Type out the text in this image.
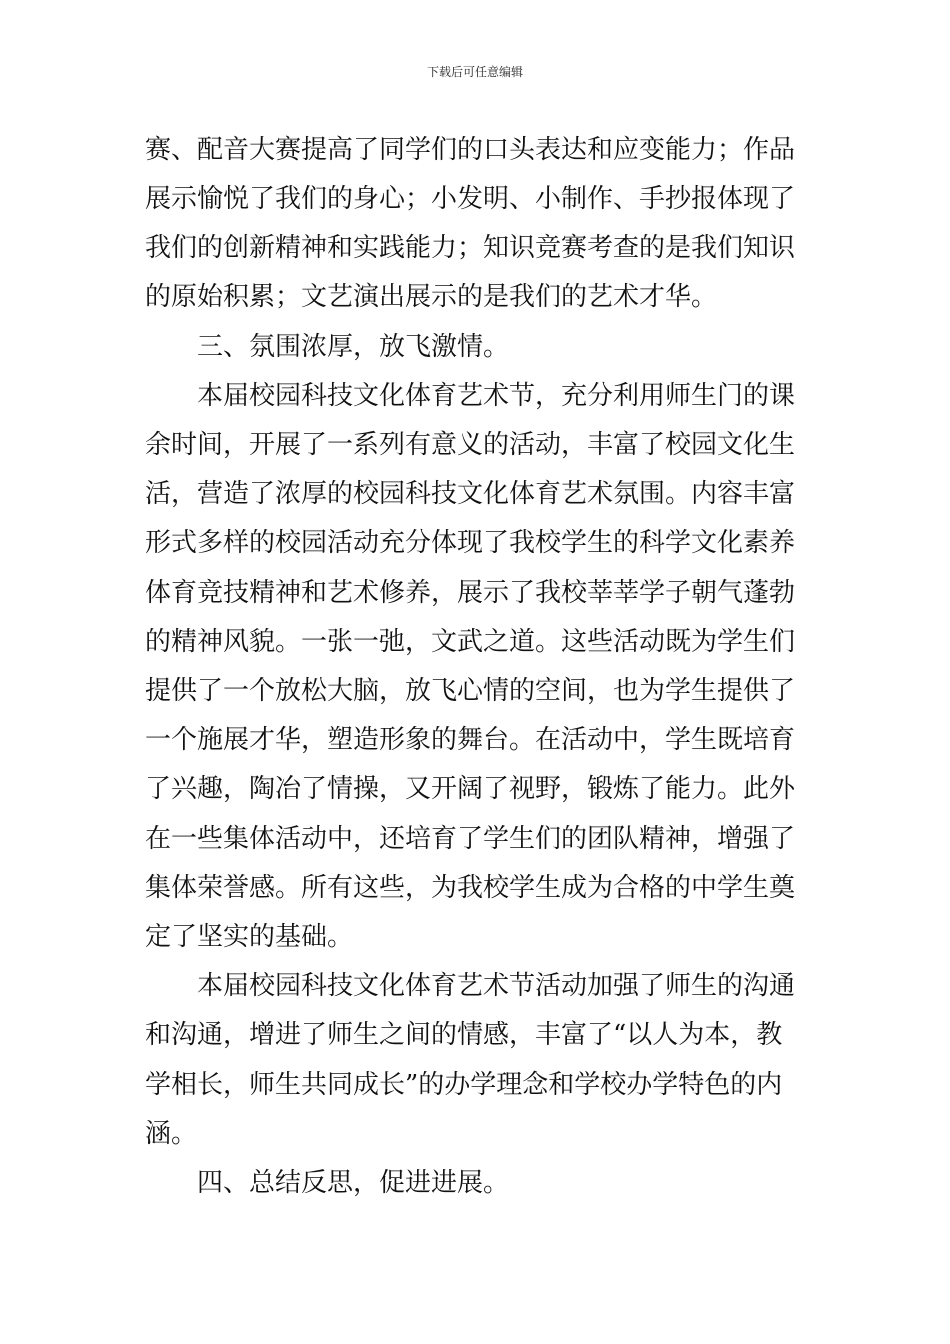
下载后可任意编辑
赛、配音大赛提高了同学们的口头表达和应变能力；作品
展示愉悦了我们的身心；小发明、小制作、手抄报体现了
我们的创新精神和实践能力；知识竞赛考查的是我们知识
的原始积累；文艺演出展示的是我们的艺术才华。
三、氛围浓厚，放飞激情。
本届校园科技文化体育艺术节，充分利用师生门的课
余时间，开展了一系列有意义的活动，丰富了校园文化生
活，营造了浓厚的校园科技文化体育艺术氛围。内容丰富
形式多样的校园活动充分体现了我校学生的科学文化素养
体育竞技精神和艺术修养，展示了我校莘莘学子朝气蓬勃
的精神风貌。一张一弛，文武之道。这些活动既为学生们
提供了一个放松大脑，放飞心情的空间，也为学生提供了
一个施展才华，塑造形象的舞台。在活动中，学生既培育
了兴趣，陶冶了情操，又开阔了视野，锻炼了能力。此外
在一些集体活动中，还培育了学生们的团队精神，增强了
集体荣誉感。所有这些，为我校学生成为合格的中学生奠
定了坚实的基础。
本届校园科技文化体育艺术节活动加强了师生的沟通
和沟通，增进了师生之间的情感，丰富了“以人为本，教
学相长，师生共同成长”的办学理念和学校办学特色的内
涵。
四、总结反思，促进进展。
